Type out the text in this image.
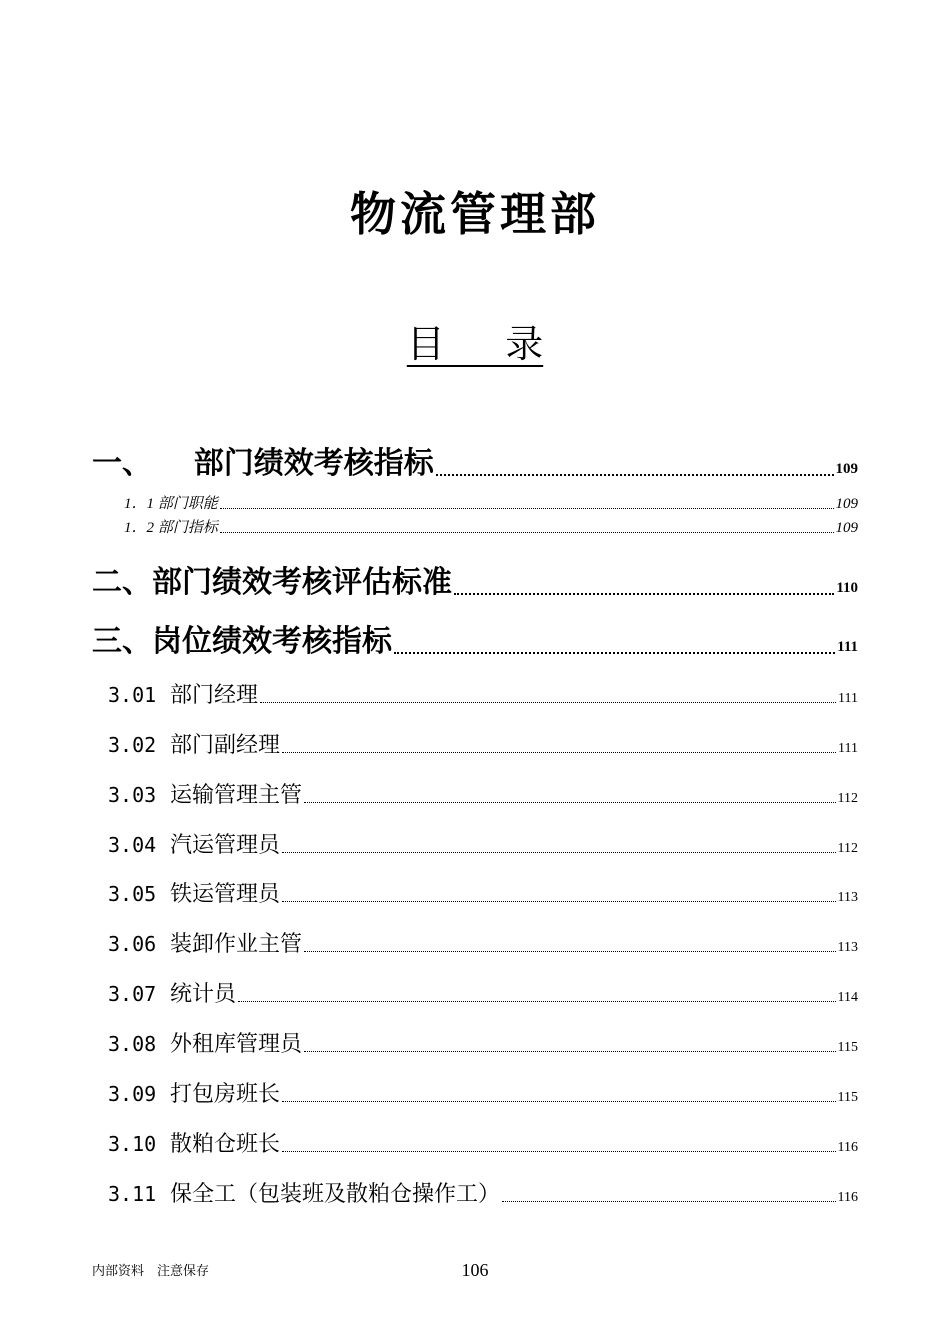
物流管理部
目     录
一、    部门绩效考核指标	109
1．1 部门职能	109
1．2 部门指标	109
二、部门绩效考核评估标准	110
三、岗位绩效考核指标	111
3.01 部门经理	111
3.02 部门副经理	111
3.03 运输管理主管	112
3.04 汽运管理员	112
3.05 铁运管理员	113
3.06 装卸作业主管	113
3.07 统计员	114
3.08 外租库管理员	115
3.09 打包房班长	115
3.10 散粕仓班长	116
3.11 保全工（包装班及散粕仓操作工）	116
内部资料　注意保存	106
